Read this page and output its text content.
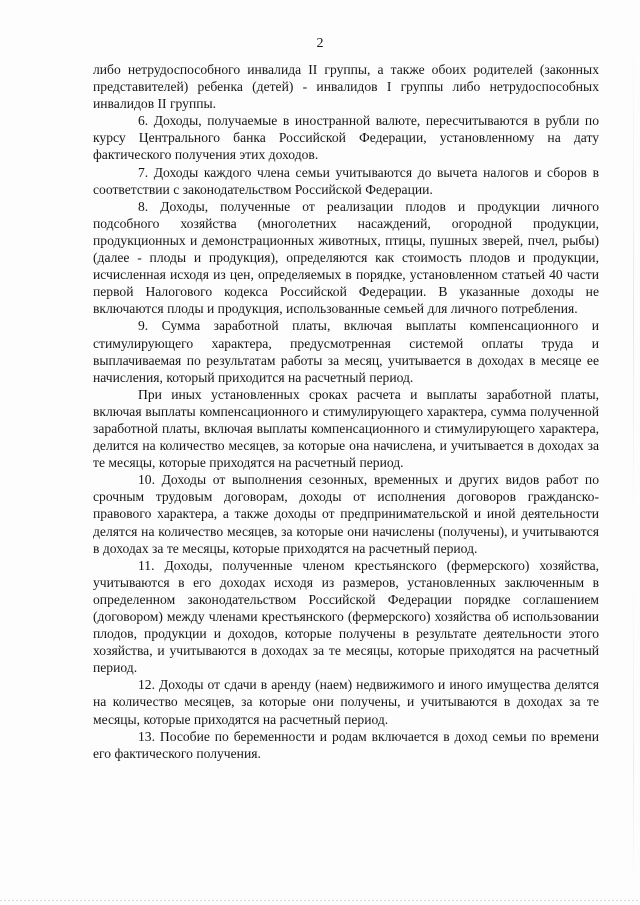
2

либо нетрудоспособного инвалида II группы, а также обоих родителей (законных представителей) ребенка (детей) - инвалидов I группы либо нетрудоспособных инвалидов II группы.

6. Доходы, получаемые в иностранной валюте, пересчитываются в рубли по курсу Центрального банка Российской Федерации, установленному на дату фактического получения этих доходов.

7. Доходы каждого члена семьи учитываются до вычета налогов и сборов в соответствии с законодательством Российской Федерации.

8. Доходы, полученные от реализации плодов и продукции личного подсобного хозяйства (многолетних насаждений, огородной продукции, продукционных и демонстрационных животных, птицы, пушных зверей, пчел, рыбы) (далее - плоды и продукция), определяются как стоимость плодов и продукции, исчисленная исходя из цен, определяемых в порядке, установленном статьей 40 части первой Налогового кодекса Российской Федерации. В указанные доходы не включаются плоды и продукция, использованные семьей для личного потребления.

9. Сумма заработной платы, включая выплаты компенсационного и стимулирующего характера, предусмотренная системой оплаты труда и выплачиваемая по результатам работы за месяц, учитывается в доходах в месяце ее начисления, который приходится на расчетный период.

При иных установленных сроках расчета и выплаты заработной платы, включая выплаты компенсационного и стимулирующего характера, сумма полученной заработной платы, включая выплаты компенсационного и стимулирующего характера, делится на количество месяцев, за которые она начислена, и учитывается в доходах за те месяцы, которые приходятся на расчетный период.

10. Доходы от выполнения сезонных, временных и других видов работ по срочным трудовым договорам, доходы от исполнения договоров гражданско-правового характера, а также доходы от предпринимательской и иной деятельности делятся на количество месяцев, за которые они начислены (получены), и учитываются в доходах за те месяцы, которые приходятся на расчетный период.

11. Доходы, полученные членом крестьянского (фермерского) хозяйства, учитываются в его доходах исходя из размеров, установленных заключенным в определенном законодательством Российской Федерации порядке соглашением (договором) между членами крестьянского (фермерского) хозяйства об использовании плодов, продукции и доходов, которые получены в результате деятельности этого хозяйства, и учитываются в доходах за те месяцы, которые приходятся на расчетный период.

12. Доходы от сдачи в аренду (наем) недвижимого и иного имущества делятся на количество месяцев, за которые они получены, и учитываются в доходах за те месяцы, которые приходятся на расчетный период.

13. Пособие по беременности и родам включается в доход семьи по времени его фактического получения.
